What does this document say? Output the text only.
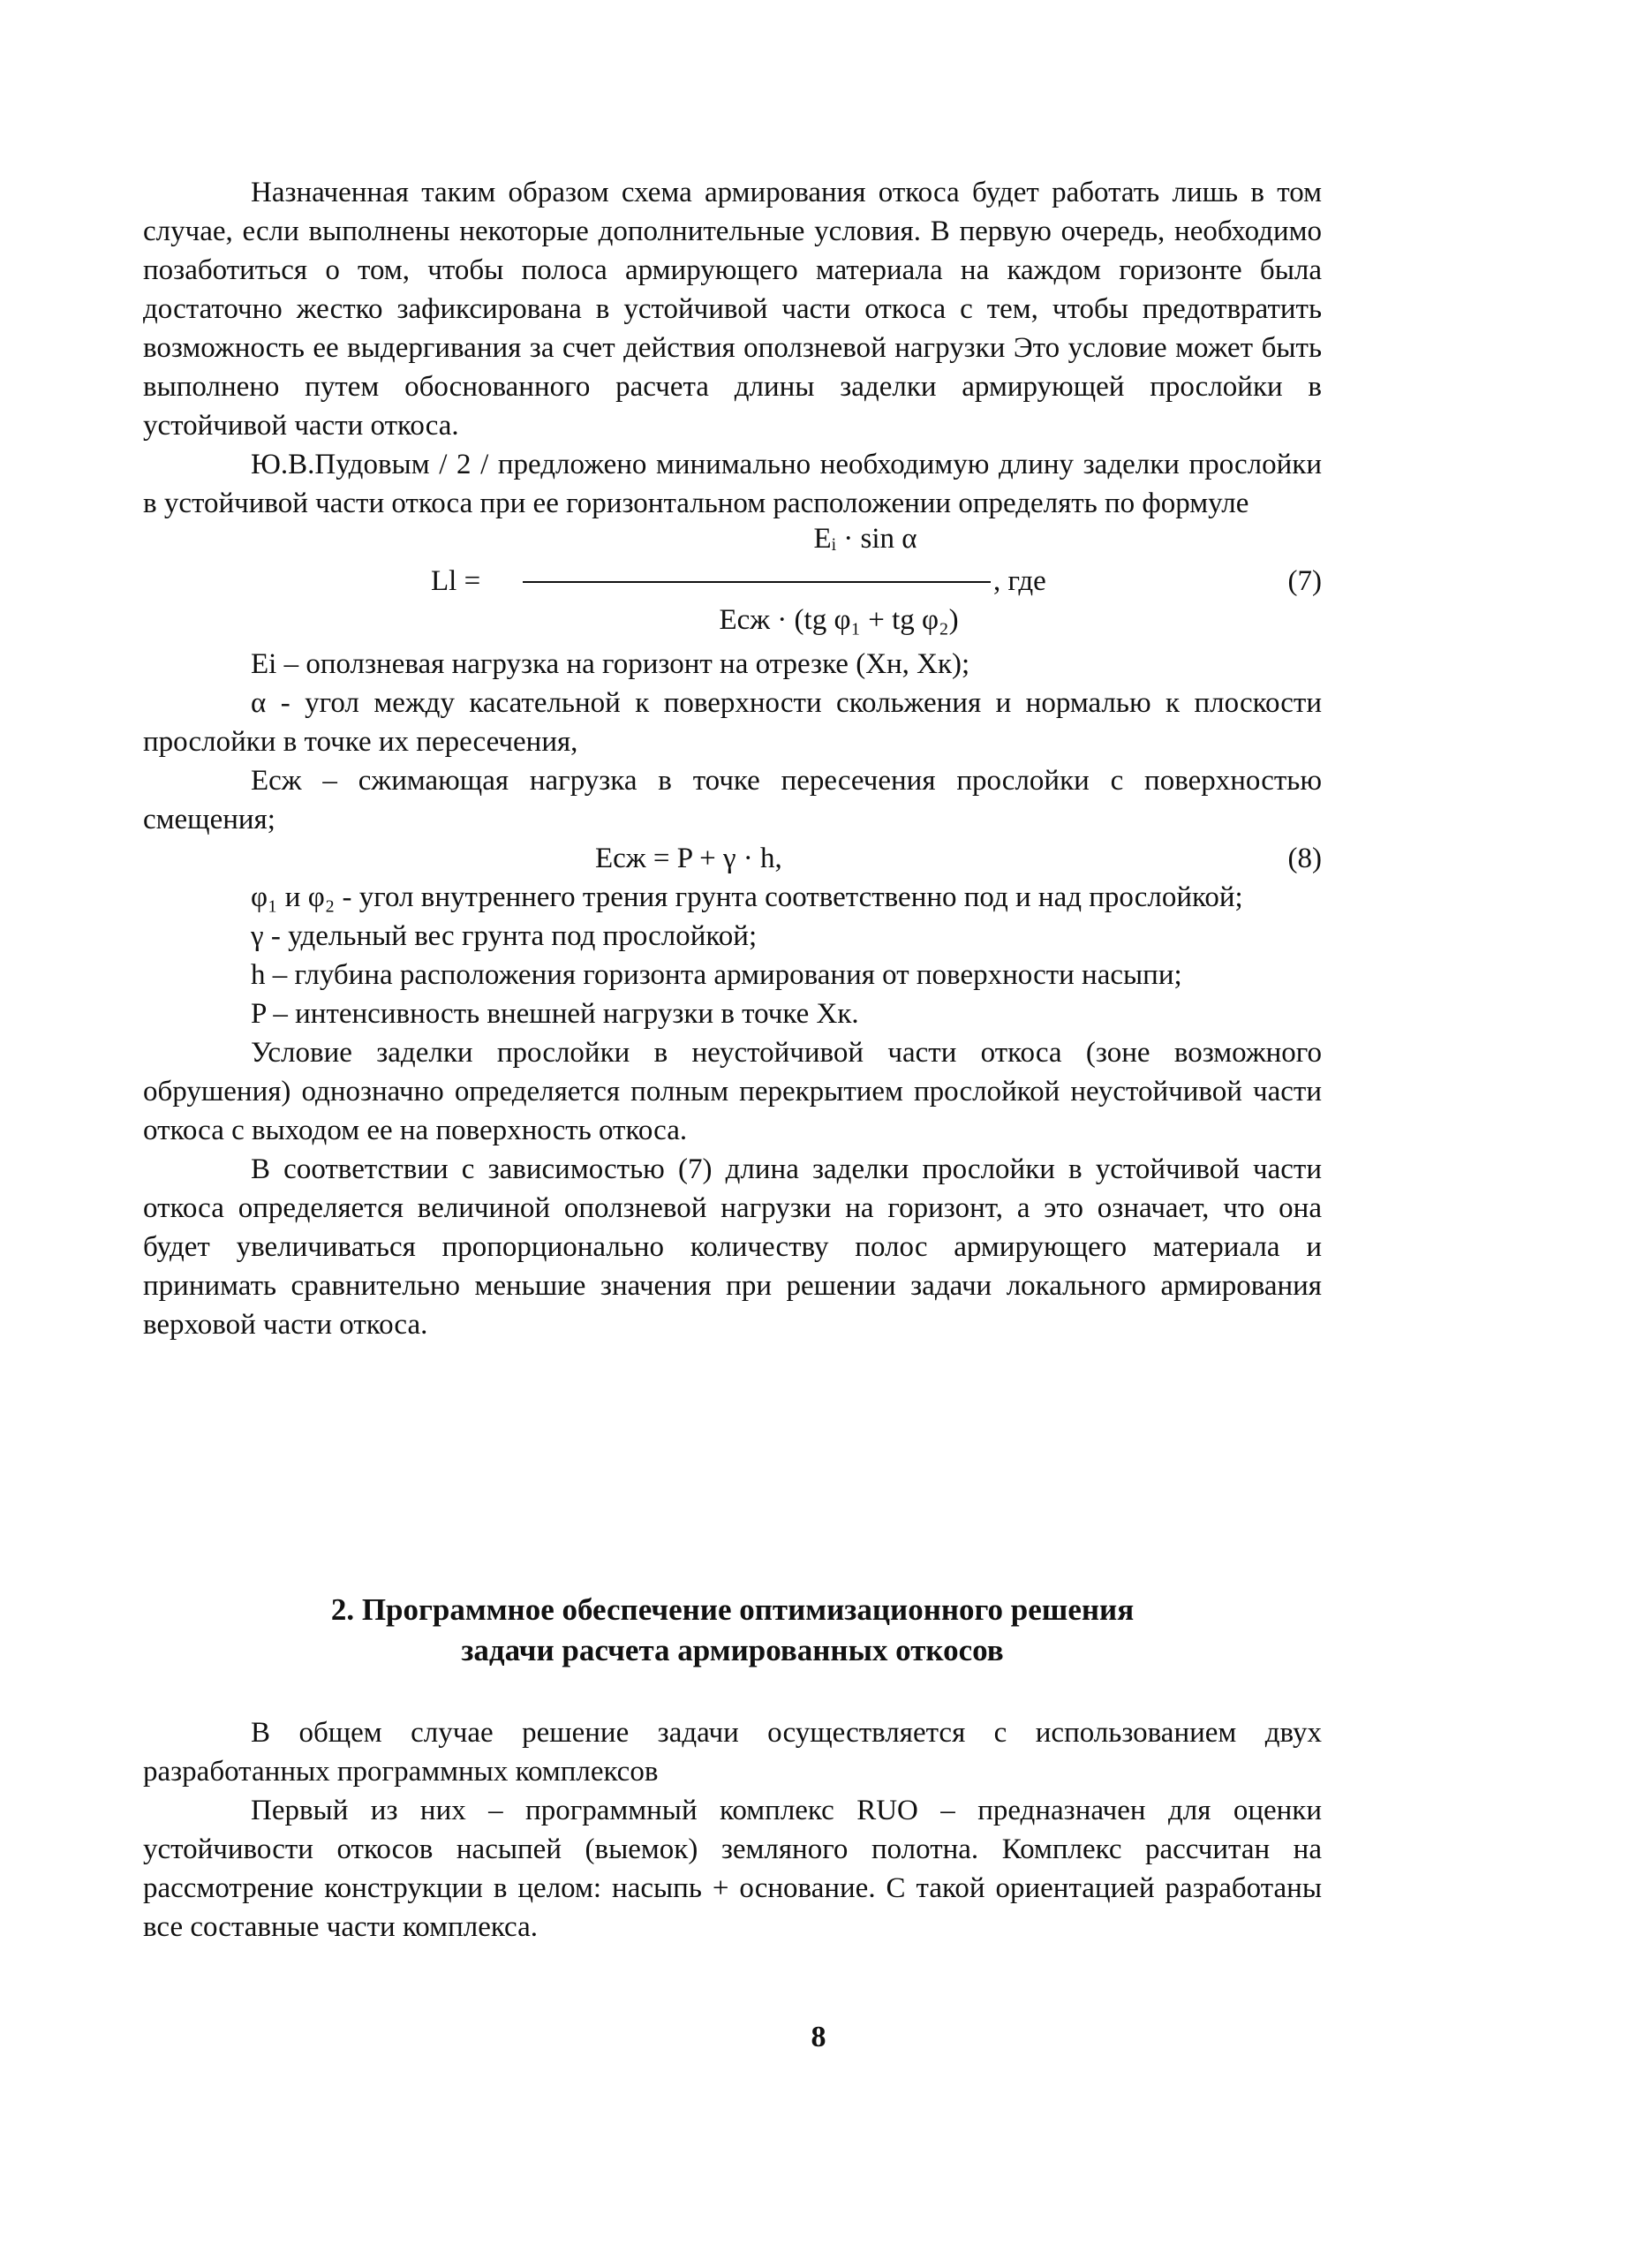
Назначенная таким образом схема армирования откоса будет работать лишь в том случае, если выполнены некоторые дополнительные условия. В первую очередь, необходимо позаботиться о том, чтобы полоса армирующего материала на каждом горизонте была достаточно жестко зафиксирована в устойчивой части откоса с тем, чтобы предотвратить возможность ее выдергивания за счет действия оползневой нагрузки Это условие может быть выполнено путем обоснованного расчета длины заделки армирующей прослойки в устойчивой части откоса.

Ю.В.Пудовым / 2 / предложено минимально необходимую длину заделки прослойки в устойчивой части откоса при ее горизонтальном расположении определять по формуле

Eᵢ · sin α
Ll =	, где	(7)
Eсж · (tg φ₁ + tg φ₂)

Ei – оползневая нагрузка на горизонт на отрезке (Хн, Хк);

α - угол между касательной к поверхности скольжения и нормалью к плоскости прослойки в точке их пересечения,

Eсж – сжимающая нагрузка в точке пересечения прослойки с поверхностью смещения;

Eсж = P + γ · h,	(8)

φ₁ и φ₂ - угол внутреннего трения грунта соответственно под и над прослойкой;

γ - удельный вес грунта под прослойкой;

h – глубина расположения горизонта армирования от поверхности насыпи;

P – интенсивность внешней нагрузки в точке Хк.

Условие заделки прослойки в неустойчивой части откоса (зоне возможного обрушения) однозначно определяется полным перекрытием прослойкой неустойчивой части откоса с выходом ее на поверхность откоса.

В соответствии с зависимостью (7) длина заделки прослойки в устойчивой части откоса определяется величиной оползневой нагрузки на горизонт, а это означает, что она будет увеличиваться пропорционально количеству полос армирующего материала и принимать сравнительно меньшие значения при решении задачи локального армирования верховой части откоса.

2. Программное обеспечение оптимизационного решения
задачи расчета армированных откосов

В общем случае решение задачи осуществляется с использованием двух разработанных программных комплексов

Первый из них – программный комплекс RUO – предназначен для оценки устойчивости откосов насыпей (выемок) земляного полотна. Комплекс рассчитан на рассмотрение конструкции в целом: насыпь + основание. С такой ориентацией разработаны все составные части комплекса.

8
